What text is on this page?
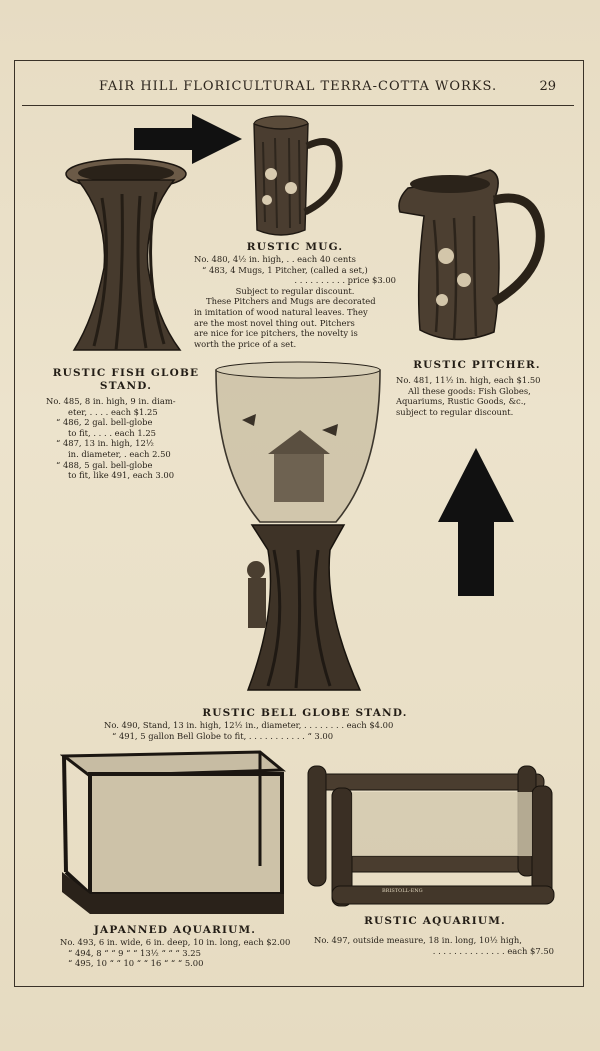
FAIR HILL FLORICULTURAL TERRA-COTTA WORKS.	29
RUSTIC MUG.
No. 480, 4½ in. high, . . each 40 cents
“ 483, 4 Mugs, 1 Pitcher, (called a set,)
. . . . . . . . . . price $3.00
Subject to regular discount.
These Pitchers and Mugs are decorated
in imitation of wood natural leaves. They
are the most novel thing out. Pitchers
are nice for ice pitchers, the novelty is
worth the price of a set.
RUSTIC FISH GLOBE
STAND.
No. 485, 8 in. high, 9 in. diam-
eter, . . . . each $1.25
“ 486, 2 gal. bell-globe
to fit, . . . . each 1.25
“ 487, 13 in. high, 12½
in. diameter, . each 2.50
“ 488, 5 gal. bell-globe
to fit, like 491, each 3.00
RUSTIC PITCHER.
No. 481, 11½ in. high, each $1.50
All these goods: Fish Globes,
Aquariums, Rustic Goods, &c.,
subject to regular discount.
RUSTIC BELL GLOBE STAND.
No. 490, Stand, 13 in. high, 12½ in., diameter, . . . . . . . . each $4.00
“ 491, 5 gallon Bell Globe to fit, . . . . . . . . . . . “ 3.00
JAPANNED AQUARIUM.
No. 493, 6 in. wide, 6 in. deep, 10 in. long, each $2.00
“ 494, 8 “ “ 9 “ “ 13½ “ “ “ 3.25
“ 495, 10 “ “ 10 “ “ 16 “ “ “ 5.00
RUSTIC AQUARIUM.
No. 497, outside measure, 18 in. long, 10½ high,
. . . . . . . . . . . . . . each $7.50
BRISTOLL-ENG
